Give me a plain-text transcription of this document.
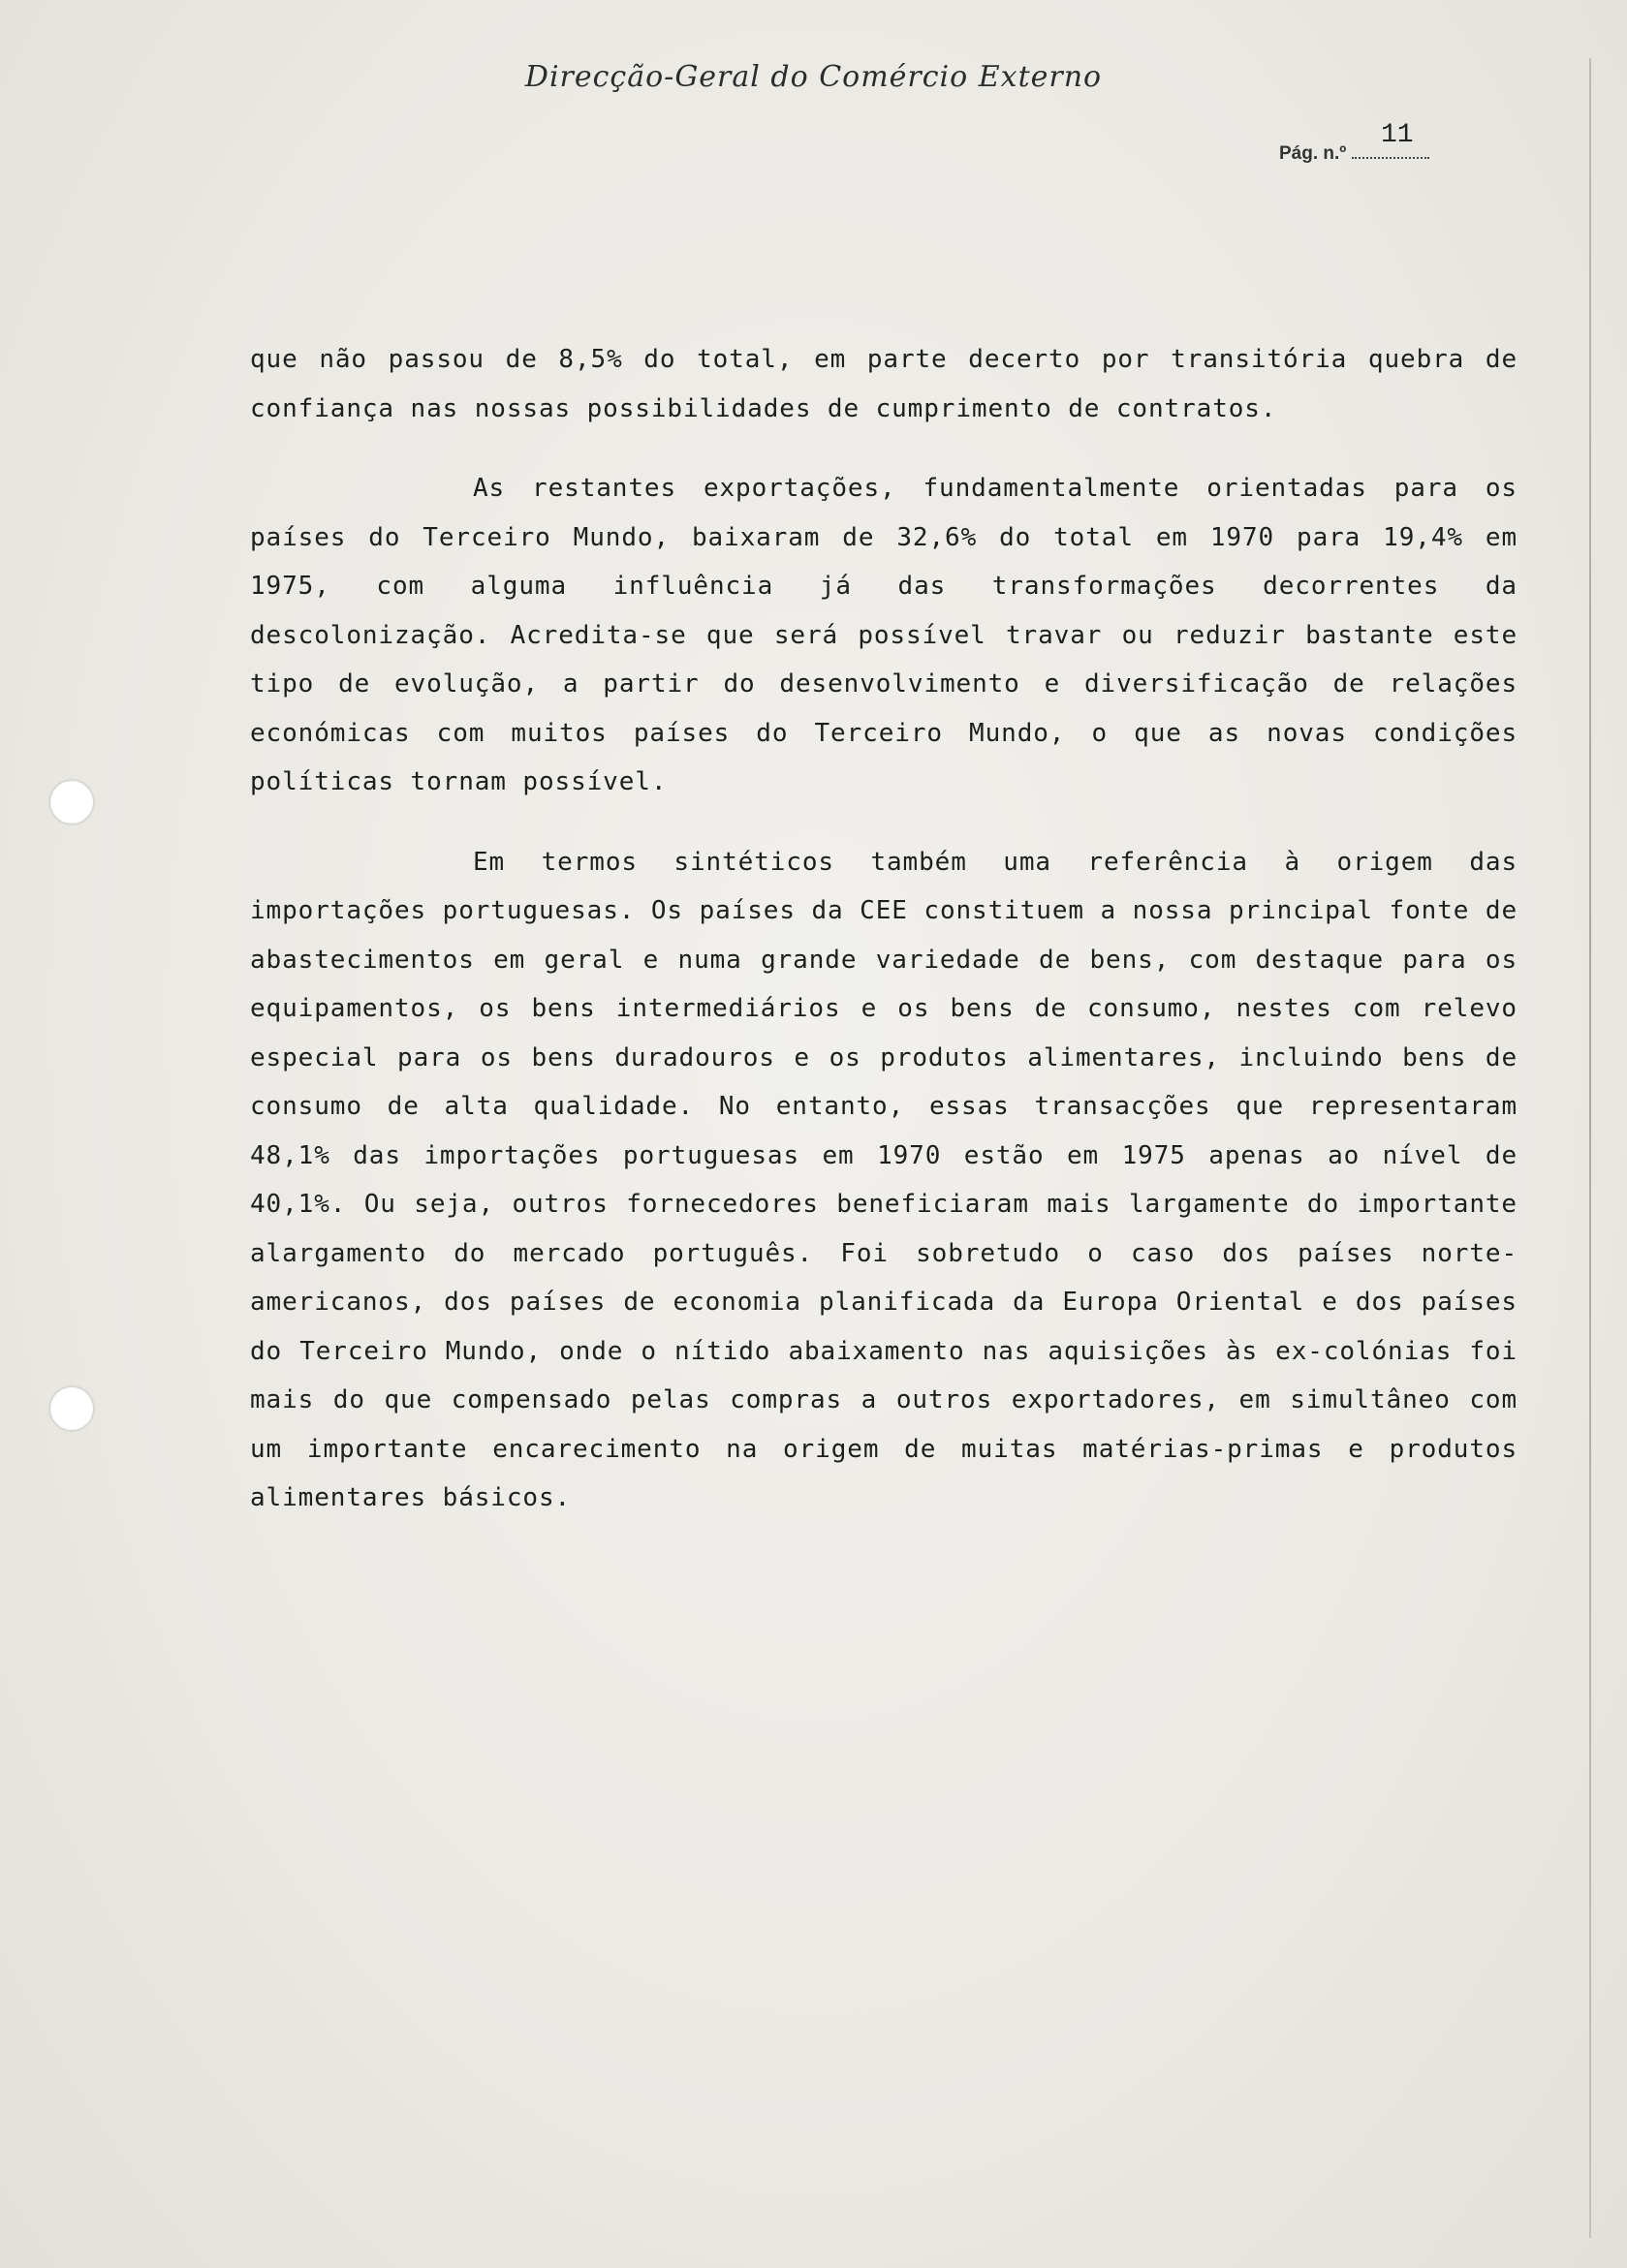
Direcção-Geral do Comércio Externo
11
Pág. n.º

que não passou de 8,5% do total, em parte decerto por transitória quebra de confiança nas nossas possibilidades de cumprimento de contratos.

As restantes exportações, fundamentalmente orientadas para os países do Terceiro Mundo, baixaram de 32,6% do total em 1970 para 19,4% em 1975, com alguma influência já das transformações decorrentes da descolonização. Acredita-se que será possível travar ou reduzir bastante este tipo de evolução, a partir do desenvolvimento e diversificação de relações económicas com muitos países do Terceiro Mundo, o que as novas condições políticas tornam possível.

Em termos sintéticos também uma referência à origem das importações portuguesas. Os países da CEE constituem a nossa principal fonte de abastecimentos em geral e numa grande variedade de bens, com destaque para os equipamentos, os bens intermediários e os bens de consumo, nestes com relevo especial para os bens duradouros e os produtos alimentares, incluindo bens de consumo de alta qualidade. No entanto, essas transacções que representaram 48,1% das importações portuguesas em 1970 estão em 1975 apenas ao nível de 40,1%. Ou seja, outros fornecedores beneficiaram mais largamente do importante alargamento do mercado português. Foi sobretudo o caso dos países norte-americanos, dos países de economia planificada da Europa Oriental e dos países do Terceiro Mundo, onde o nítido abaixamento nas aquisições às ex-colónias foi mais do que compensado pelas compras a outros exportadores, em simultâneo com um importante encarecimento na origem de muitas matérias-primas e produtos alimentares básicos.
